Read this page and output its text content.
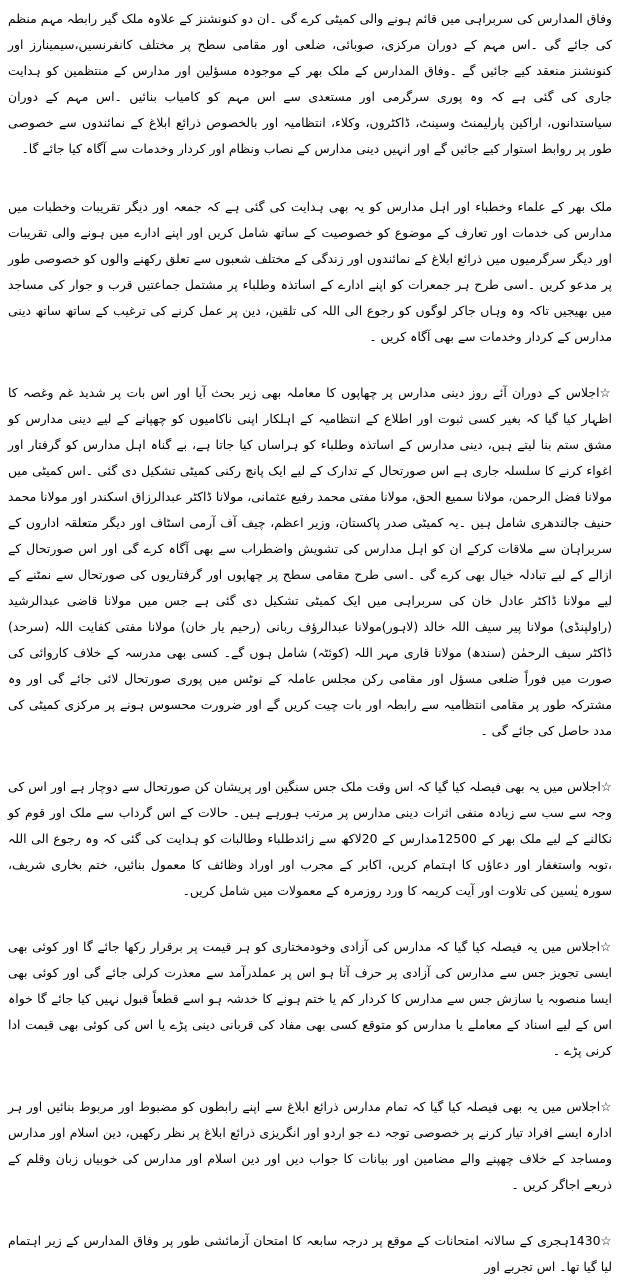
وفاق المدارس کی سربراہی میں قائم ہونے والی کمیٹی کرے گی ۔ان دو کنونشنز کے علاوہ ملک گیر رابطہ مہم منظم کی جائے گی ۔اس مہم کے دوران مرکزی، صوبائی، ضلعی اور مقامی سطح پر مختلف کانفرنسیں،سیمینارز اور کنونشنز منعقد کیے جائیں گے ۔وفاق المدارس کے ملک بھر کے موجودہ مسؤلین اور مدارس کے منتظمین کو ہدایت جاری کی گئی ہے کہ وہ پوری سرگرمی اور مستعدی سے اس مہم کو کامیاب بنائیں ۔اس مہم کے دوران سیاستدانوں، اراکین پارلیمنٹ وسینٹ، ڈاکٹروں، وکلاء، انتظامیہ اور بالخصوص ذرائع ابلاغ کے نمائندوں سے خصوصی طور پر روابط استوار کیے جائیں گے اور انہیں دینی مدارس کے نصاب ونظام اور کردار وخدمات سے آگاہ کیا جائے گا۔

ملک بھر کے علماء وخطباء اور اہل مدارس کو یہ بھی ہدایت کی گئی ہے کہ جمعہ اور دیگر تقریبات وخطبات میں مدارس کی خدمات اور تعارف کے موضوع کو خصوصیت کے ساتھ شامل کریں اور اپنے ادارے میں ہونے والی تقریبات اور دیگر سرگرمیوں میں ذرائع ابلاغ کے نمائندوں اور زندگی کے مختلف شعبوں سے تعلق رکھنے والوں کو خصوصی طور پر مدعو کریں ۔اسی طرح ہر جمعرات کو اپنے ادارے کے اساتذہ وطلباء پر مشتمل جماعتیں قرب و جوار کی مساجد میں بھیجیں تاکہ وہ وہاں جاکر لوگوں کو رجوع الی اللہ کی تلقین، دین پر عمل کرنے کی ترغیب کے ساتھ ساتھ دینی مدارس کے کردار وخدمات سے بھی آگاہ کریں ۔

☆اجلاس کے دوران آئے روز دینی مدارس پر چھاپوں کا معاملہ بھی زیر بحث آیا اور اس بات پر شدید غم وغصہ کا اظہار کیا گیا کہ بغیر کسی ثبوت اور اطلاع کے انتظامیہ کے اہلکار اپنی ناکامیوں کو چھپانے کے لیے دینی مدارس کو مشق ستم بنا لیتے ہیں، دینی مدارس کے اساتذہ وطلباء کو ہراساں کیا جاتا ہے، بے گناہ اہل مدارس کو گرفتار اور اغواء کرنے کا سلسلہ جاری ہے اس صورتحال کے تدارک کے لیے ایک پانچ رکنی کمیٹی تشکیل دی گئی ۔اس کمیٹی میں مولانا فضل الرحمن، مولانا سمیع الحق، مولانا مفتی محمد رفیع عثمانی، مولانا ڈاکٹر عبدالرزاق اسکندر اور مولانا محمد حنیف جالندھری شامل ہیں ۔یہ کمیٹی صدر پاکستان، وزیر اعظم، چیف آف آرمی اسٹاف اور دیگر متعلقہ اداروں کے سربراہان سے ملاقات کرکے ان کو اہل مدارس کی تشویش واضطراب سے بھی آگاہ کرے گی اور اس صورتحال کے ازالے کے لیے تبادلہ خیال بھی کرے گی ۔اسی طرح مقامی سطح پر چھاپوں اور گرفتاریوں کی صورتحال سے نمٹنے کے لیے مولانا ڈاکٹر عادل خان کی سربراہی میں ایک کمیٹی تشکیل دی گئی ہے جس میں مولانا قاضی عبدالرشید (راولپنڈی) مولانا پیر سیف اللہ خالد (لاہور)مولانا عبدالرؤف ربانی (رحیم یار خان) مولانا مفتی کفایت اللہ (سرحد) ڈاکٹر سیف الرحمٰن (سندھ) مولانا قاری مہر اللہ (کوئٹہ) شامل ہوں گے۔ کسی بھی مدرسہ کے خلاف کاروائی کی صورت میں فوراً ضلعی مسؤل اور مقامی رکن مجلس عاملہ کے نوٹس میں پوری صورتحال لائی جائے گی اور وہ مشترکہ طور پر مقامی انتظامیہ سے رابطہ اور بات چیت کریں گے اور ضرورت محسوس ہونے پر مرکزی کمیٹی کی مدد حاصل کی جائے گی ۔

☆اجلاس میں یہ بھی فیصلہ کیا گیا کہ اس وقت ملک جس سنگین اور پریشان کن صورتحال سے دوچار ہے اور اس کی وجہ سے سب سے زیادہ منفی اثرات دینی مدارس پر مرتب ہورہے ہیں۔ حالات کے اس گرداب سے ملک اور قوم کو نکالنے کے لیے ملک بھر کے 12500مدارس کے 20لاکھ سے زائدطلباء وطالبات کو ہدایت کی گئی کہ وہ رجوع الی اللہ ،توبہ واستغفار اور دعاؤں کا اہتمام کریں، اکابر کے مجرب اور اوراد وظائف کا معمول بنائیں، ختم بخاری شریف، سورہ یٰسین کی تلاوت اور آیت کریمہ کا ورد روزمرہ کے معمولات میں شامل کریں۔

☆اجلاس میں یہ فیصلہ کیا گیا کہ مدارس کی آزادی وخودمختاری کو ہر قیمت پر برقرار رکھا جائے گا اور کوئی بھی ایسی تجویز جس سے مدارس کی آزادی پر حرف آتا ہو اس پر عملدرآمد سے معذرت کرلی جائے گی اور کوئی بھی ایسا منصوبہ یا سازش جس سے مدارس کا کردار کم یا ختم ہونے کا خدشہ ہو اسے قطعاً قبول نہیں کیا جائے گا خواہ اس کے لیے اسناد کے معاملے یا مدارس کو متوقع کسی بھی مفاد کی قربانی دینی پڑے یا اس کی کوئی بھی قیمت ادا کرنی پڑے ۔

☆اجلاس میں یہ بھی فیصلہ کیا گیا کہ تمام مدارس ذرائع ابلاغ سے اپنے رابطوں کو مضبوط اور مربوط بنائیں اور ہر ادارہ ایسے افراد تیار کرنے پر خصوصی توجہ دے جو اردو اور انگریزی ذرائع ابلاغ پر نظر رکھیں، دین اسلام اور مدارس ومساجد کے خلاف چھپنے والے مضامین اور بیانات کا جواب دیں اور دین اسلام اور مدارس کی خوبیاں زبان وقلم کے ذریعے اجاگر کریں ۔

☆1430ہجری کے سالانہ امتحانات کے موقع پر درجہ سابعہ کا امتحان آزمائشی طور پر وفاق المدارس کے زیر اہتمام لیا گیا تھا۔ اس تجربے اور
